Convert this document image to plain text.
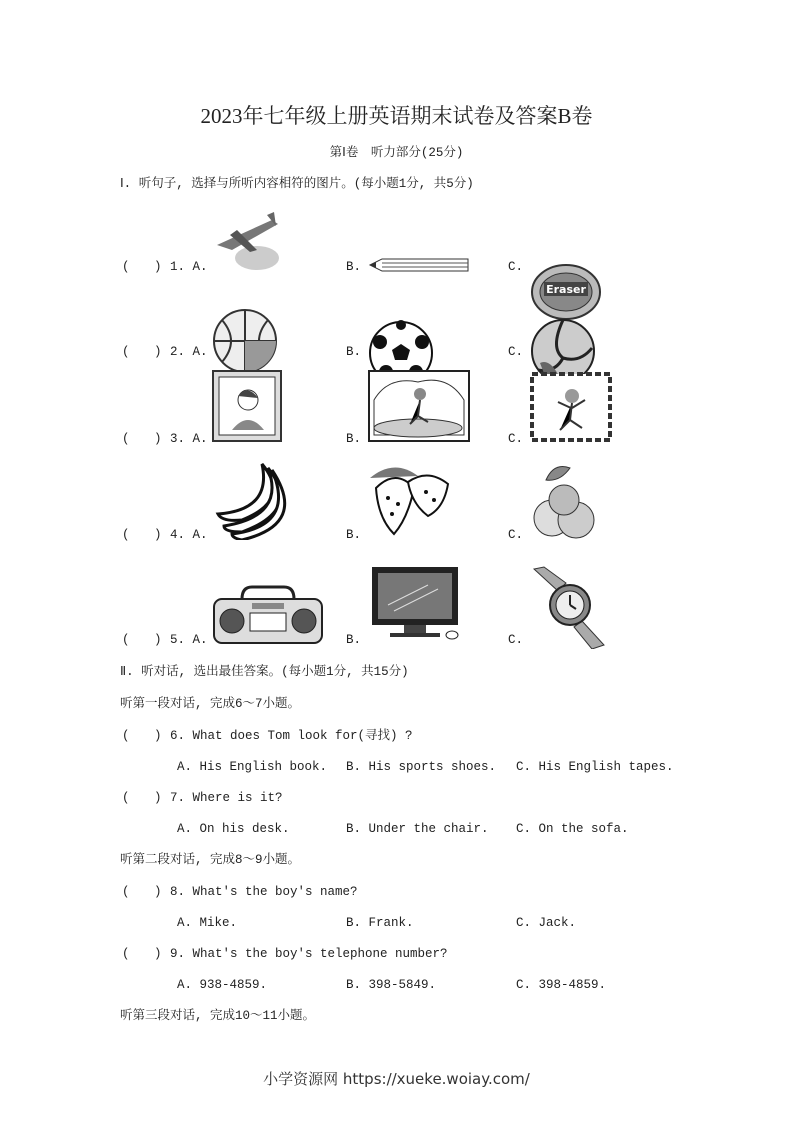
2023年七年级上册英语期末试卷及答案B卷
第Ⅰ卷　听力部分(25分)
Ⅰ. 听句子, 选择与所听内容相符的图片。(每小题1分, 共5分)
Ⅱ. 听对话, 选出最佳答案。(每小题1分, 共15分)
听第一段对话, 完成6～7小题。
听第二段对话, 完成8～9小题。
听第三段对话, 完成10～11小题。
小学资源网 https://xueke.woiay.com/
( ) 1. A.	B.	C.
Eraser
( ) 2. A.	B.	C.
( ) 3. A.	B.	C.
( ) 4. A.	B.	C.
( ) 5. A.	B.	C.
( ) 6. What does Tom look for(寻找) ?
A. His English book. B. His sports shoes. C. His English tapes.
( ) 7. Where is it?
A. On his desk.	B. Under the chair. C. On the sofa.
( ) 8. What's the boy's name?
A. Mike.	B. Frank.	C. Jack.
( ) 9. What's the boy's telephone number?
A. 938-4859.	B. 398-5849.	C. 398-4859.
